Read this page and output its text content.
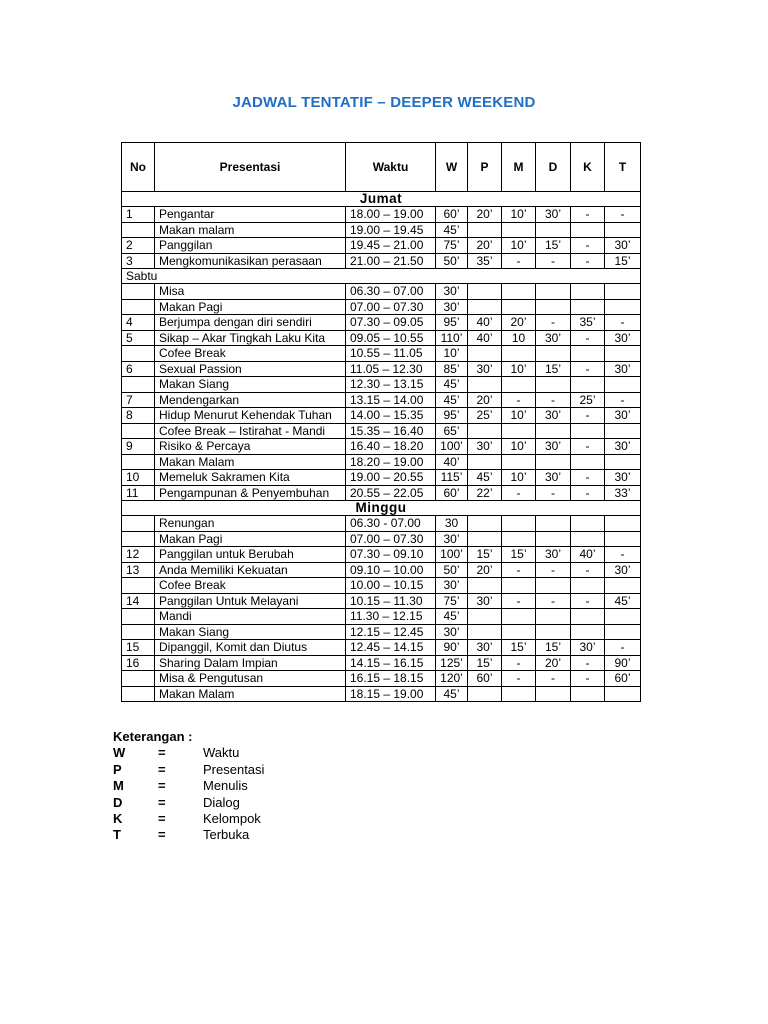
JADWAL TENTATIF – DEEPER WEEKEND
No	Presentasi	Waktu	W	P	M	D	K	T
Jumat								
1	Pengantar	18.00 – 19.00	60’	20’	10’	30’	-	-
	Makan malam	19.00 – 19.45	45’					
2	Panggilan	19.45 – 21.00	75’	20’	10’	15’	-	30’
3	Mengkomunikasikan perasaan	21.00 – 21.50	50’	35’	-	-	-	15’
Sabtu								
	Misa	06.30 – 07.00	30’					
	Makan Pagi	07.00 – 07.30	30’					
4	Berjumpa dengan diri sendiri	07.30 – 09.05	95’	40’	20’	-	35’	-
5	Sikap – Akar Tingkah Laku Kita	09.05 – 10.55	110’	40’	10	30’	-	30’
	Cofee Break	10.55 – 11.05	10’					
6	Sexual Passion	11.05 – 12.30	85’	30’	10’	15’	-	30’
	Makan Siang	12.30 – 13.15	45’					
7	Mendengarkan	13.15 – 14.00	45’	20’	-	-	25’	-
8	Hidup Menurut Kehendak Tuhan	14.00 – 15.35	95’	25’	10’	30’	-	30’
	Cofee Break – Istirahat - Mandi	15.35 – 16.40	65’					
9	Risiko & Percaya	16.40 – 18.20	100’	30’	10’	30’	-	30’
	Makan Malam	18.20 – 19.00	40’					
10	Memeluk Sakramen Kita	19.00 – 20.55	115’	45’	10’	30’	-	30’
11	Pengampunan & Penyembuhan	20.55 – 22.05	60’	22’	-	-	-	33’
Minggu								
	Renungan	06.30 - 07.00	30					
	Makan Pagi	07.00 – 07.30	30’					
12	Panggilan untuk Berubah	07.30 – 09.10	100’	15’	15’	30’	40’	-
13	Anda Memiliki Kekuatan	09.10 – 10.00	50’	20’	-	-	-	30’
	Cofee Break	10.00 – 10.15	30’					
14	Panggilan Untuk Melayani	10.15 – 11.30	75’	30’	-	-	-	45’
	Mandi	11.30 – 12.15	45’					
	Makan Siang	12.15 – 12.45	30’					
15	Dipanggil, Komit dan Diutus	12.45 – 14.15	90’	30’	15’	15’	30’	-
16	Sharing Dalam Impian	14.15 – 16.15	125’	15’	-	20’	-	90’
	Misa & Pengutusan	16.15 – 18.15	120’	60’	-	-	-	60’
	Makan Malam	18.15 – 19.00	45’					
Keterangan :
W	=	Waktu
P	=	Presentasi
M	=	Menulis
D	=	Dialog
K	=	Kelompok
T	=	Terbuka
